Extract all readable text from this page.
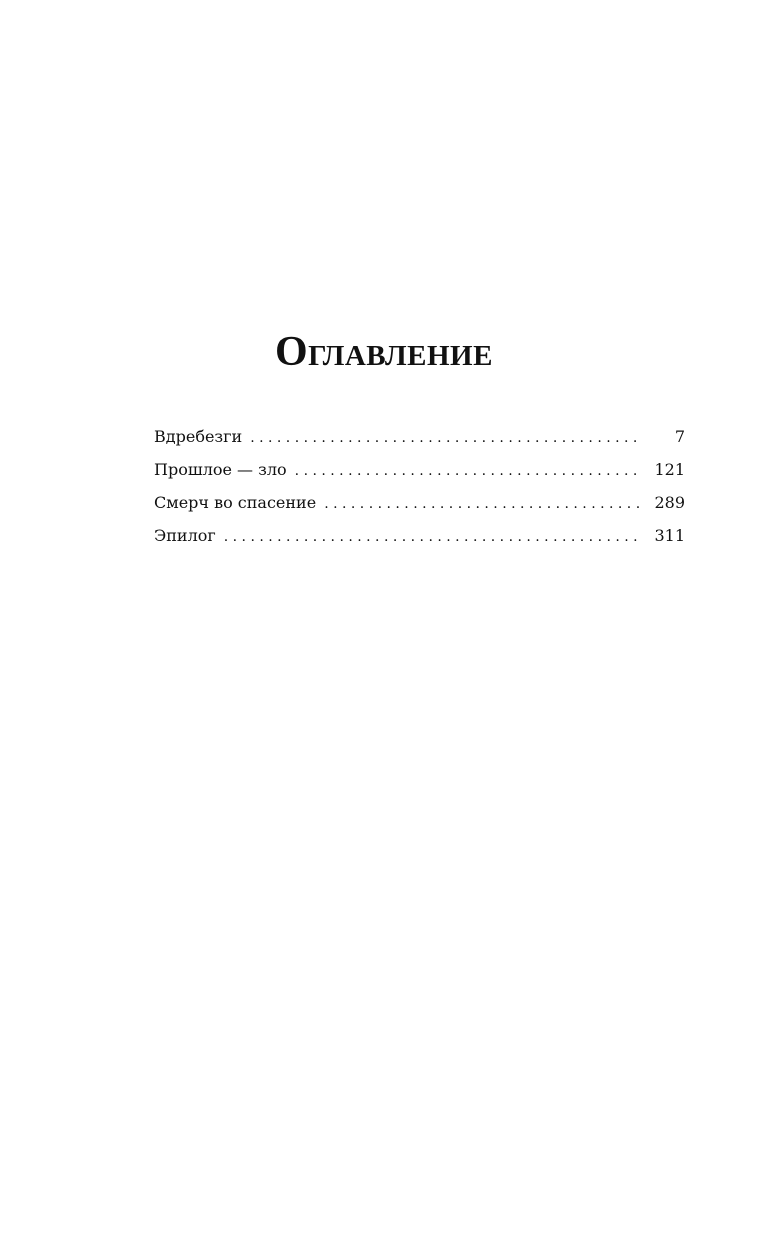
Оглавление
Вдребезги . . .	7
Прошлое — зло . . .	121
Смерч во спасение . . .	289
Эпилог . . .	311
